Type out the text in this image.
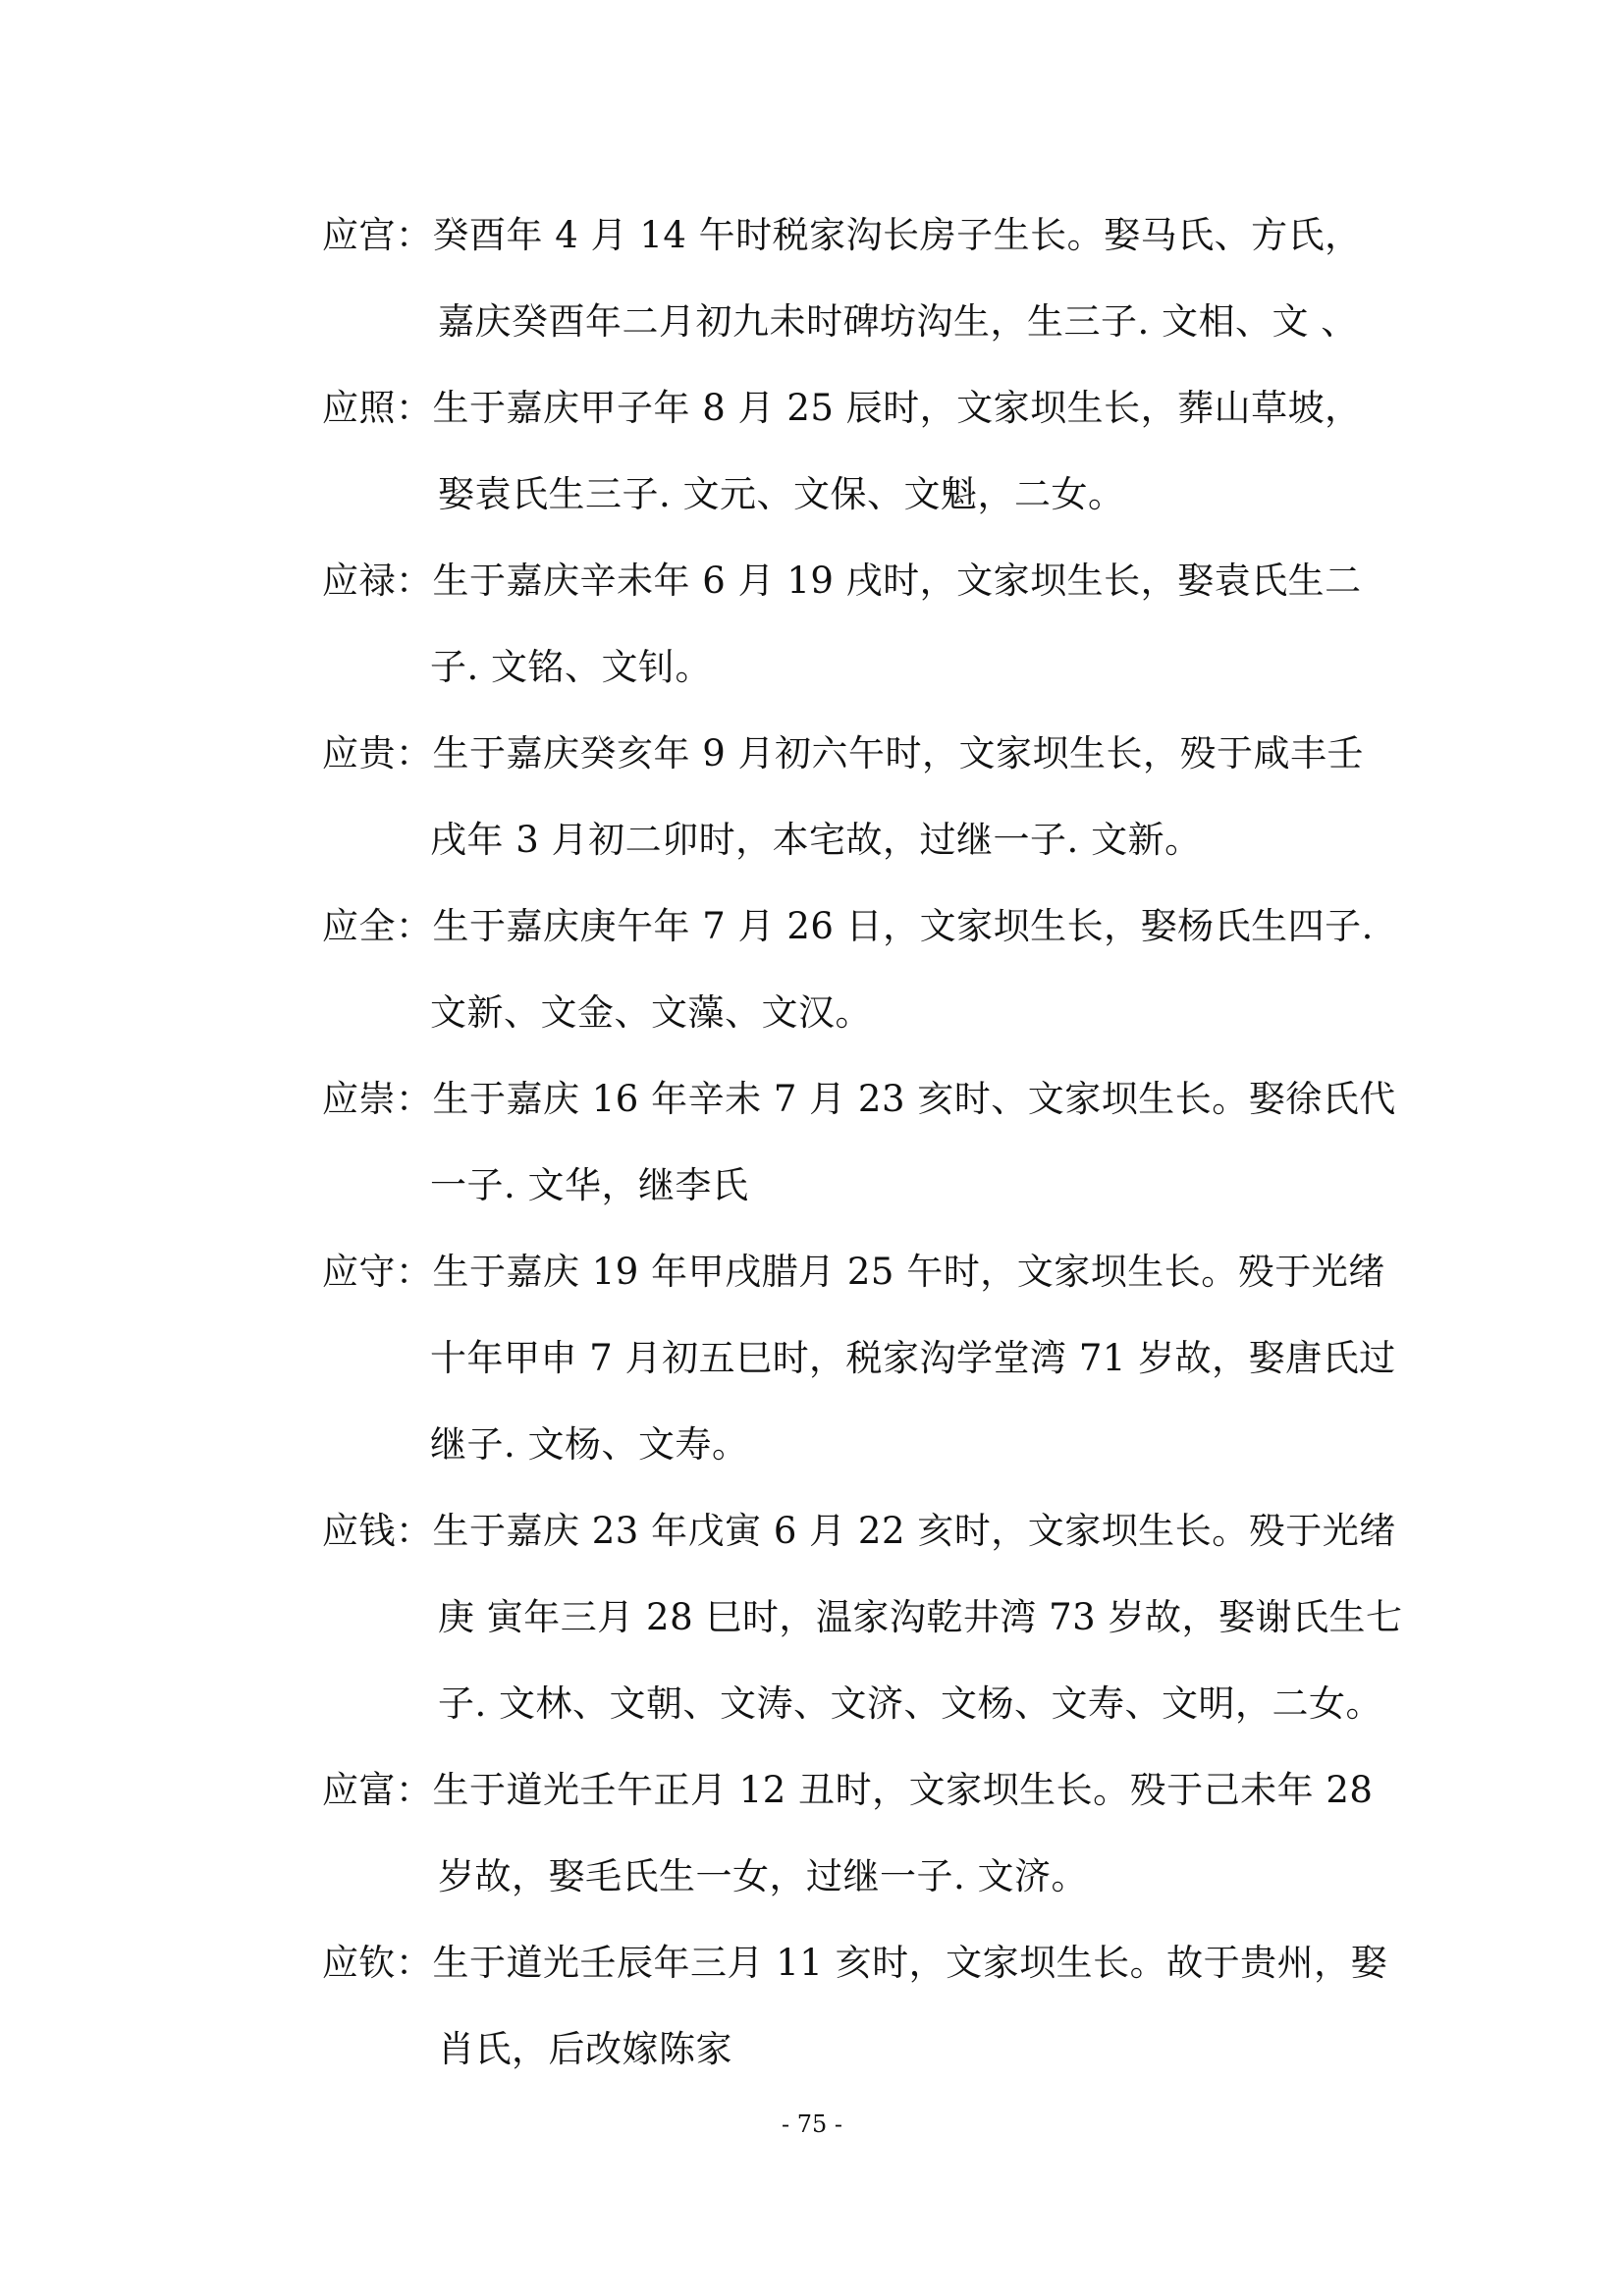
应宫：癸酉年 4 月 14 午时税家沟长房子生长。娶马氏、方氏，
嘉庆癸酉年二月初九未时碑坊沟生，生三子. 文相、文 、
应照：生于嘉庆甲子年 8 月 25 辰时，文家坝生长，葬山草坡，
娶袁氏生三子. 文元、文保、文魁，二女。
应禄：生于嘉庆辛未年 6 月 19 戌时，文家坝生长，娶袁氏生二
子. 文铭、文钊。
应贵：生于嘉庆癸亥年 9 月初六午时，文家坝生长，殁于咸丰壬
戌年 3 月初二卯时，本宅故，过继一子. 文新。
应全：生于嘉庆庚午年 7 月 26 日，文家坝生长，娶杨氏生四子.
文新、文金、文藻、文汉。
应崇：生于嘉庆 16 年辛未 7 月 23 亥时、文家坝生长。娶徐氏代
一子. 文华，继李氏
应守：生于嘉庆 19 年甲戌腊月 25 午时，文家坝生长。殁于光绪
十年甲申 7 月初五巳时，税家沟学堂湾 71 岁故，娶唐氏过
继子. 文杨、文寿。
应钱：生于嘉庆 23 年戊寅 6 月 22 亥时，文家坝生长。殁于光绪
庚 寅年三月 28 巳时，温家沟乾井湾 73 岁故，娶谢氏生七
子. 文林、文朝、文涛、文济、文杨、文寿、文明，二女。
应富：生于道光壬午正月 12 丑时，文家坝生长。殁于己未年 28
岁故，娶毛氏生一女，过继一子. 文济。
应钦：生于道光壬辰年三月 11 亥时，文家坝生长。故于贵州，娶
肖氏，后改嫁陈家
- 75 -
